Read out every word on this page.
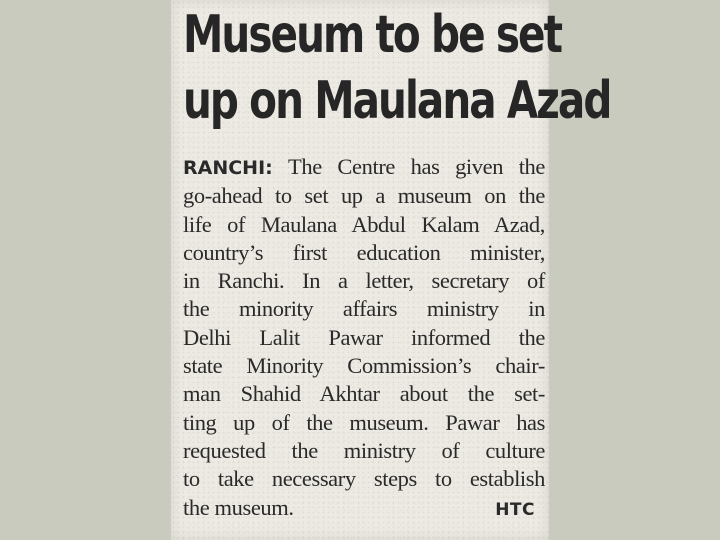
Museum to be set
up on Maulana Azad
RANCHI: The Centre has given the
go-ahead to set up a museum on the
life of Maulana Abdul Kalam Azad,
country’s first education minister,
in Ranchi. In a letter, secretary of
the minority affairs ministry in
Delhi Lalit Pawar informed the
state Minority Commission’s chair-
man Shahid Akhtar about the set-
ting up of the museum. Pawar has
requested the ministry of culture
to take necessary steps to establish
the museum.	HTC
